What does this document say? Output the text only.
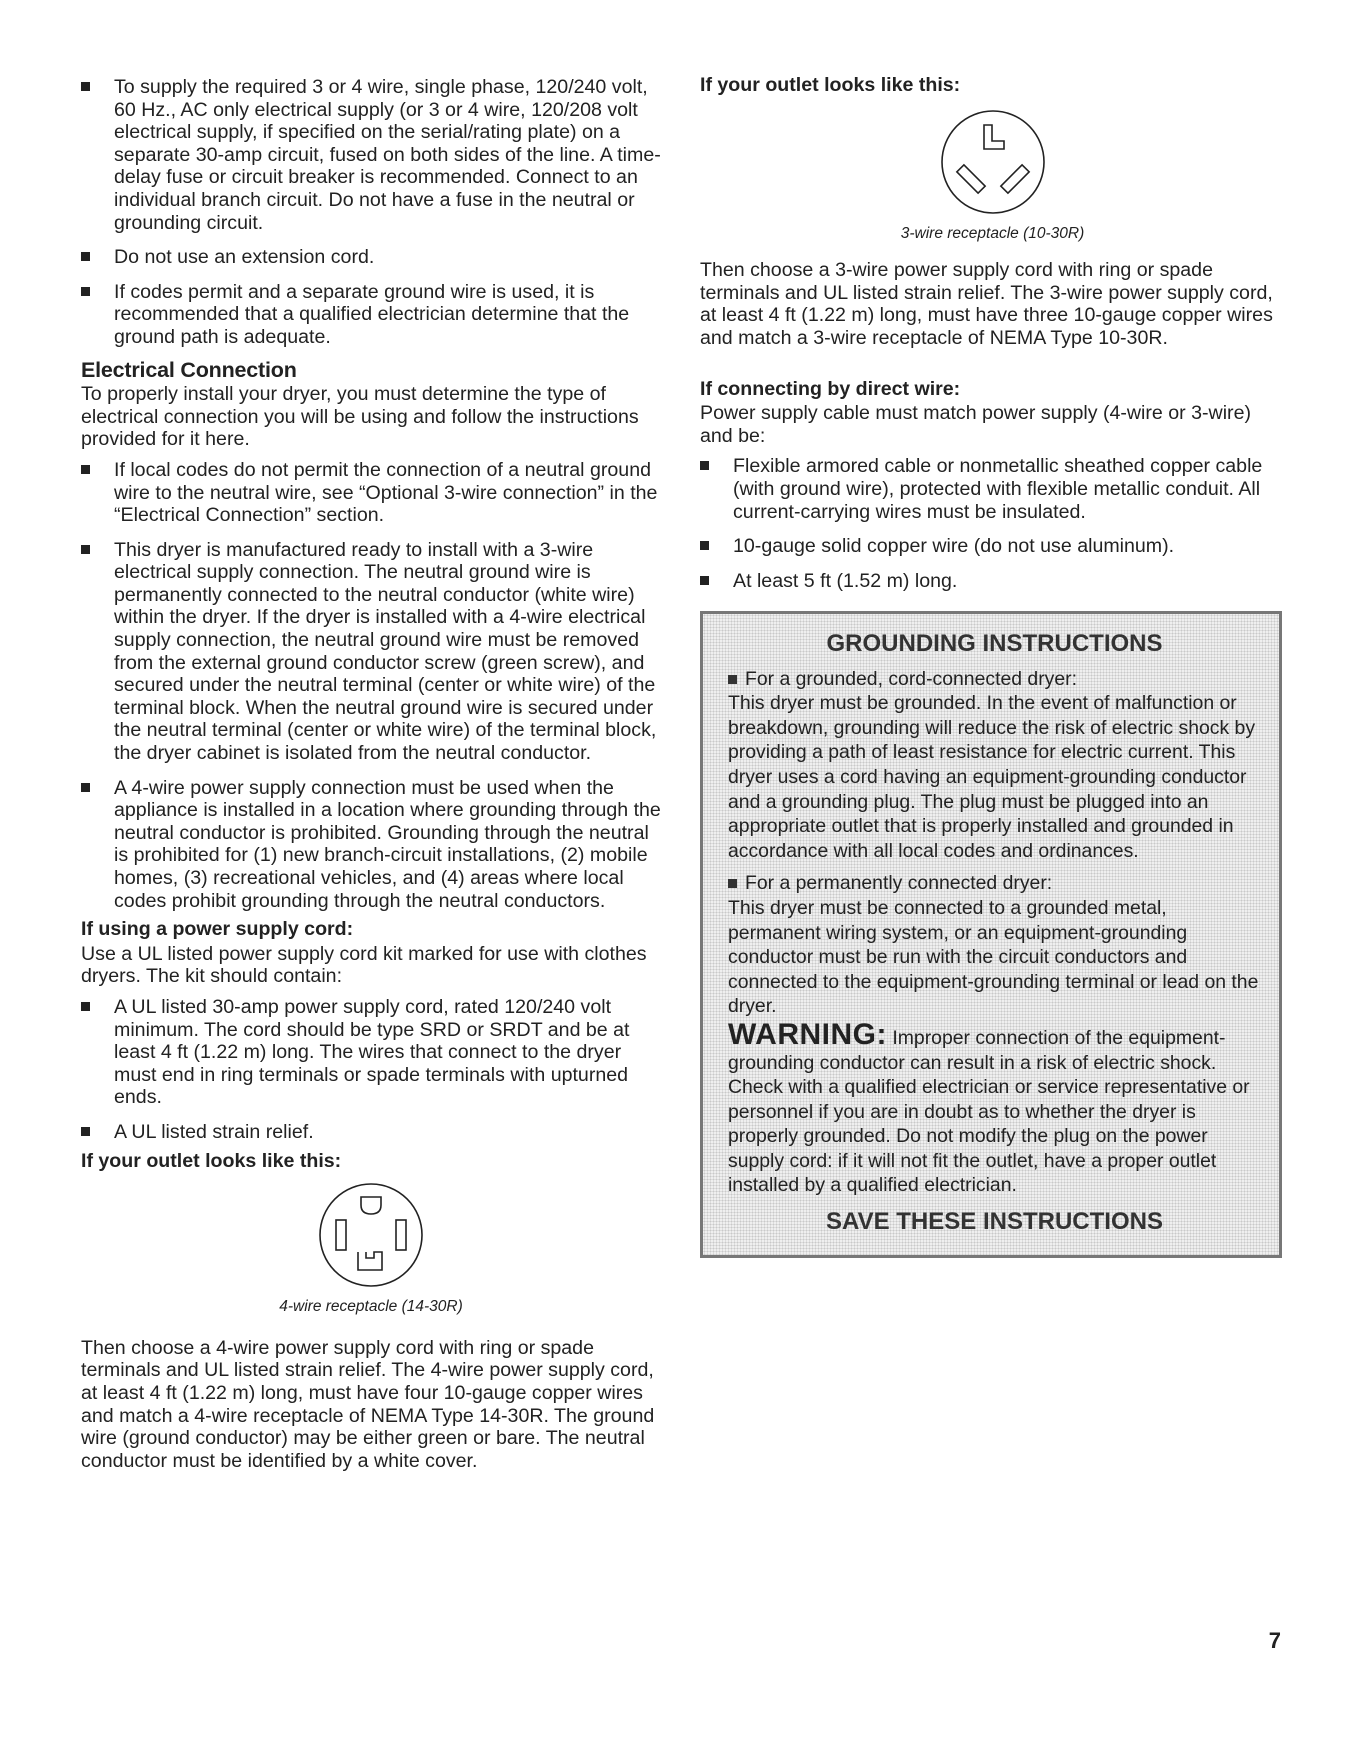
To supply the required 3 or 4 wire, single phase, 120/240 volt, 60 Hz., AC only electrical supply (or 3 or 4 wire, 120/208 volt electrical supply, if specified on the serial/rating plate) on a separate 30-amp circuit, fused on both sides of the line. A time-delay fuse or circuit breaker is recommended. Connect to an individual branch circuit. Do not have a fuse in the neutral or grounding circuit.
Do not use an extension cord.
If codes permit and a separate ground wire is used, it is recommended that a qualified electrician determine that the ground path is adequate.
Electrical Connection

To properly install your dryer, you must determine the type of electrical connection you will be using and follow the instructions provided for it here.

If local codes do not permit the connection of a neutral ground wire to the neutral wire, see “Optional 3-wire connection” in the “Electrical Connection” section.
This dryer is manufactured ready to install with a 3-wire electrical supply connection. The neutral ground wire is permanently connected to the neutral conductor (white wire) within the dryer. If the dryer is installed with a 4-wire electrical supply connection, the neutral ground wire must be removed from the external ground conductor screw (green screw), and secured under the neutral terminal (center or white wire) of the terminal block. When the neutral ground wire is secured under the neutral terminal (center or white wire) of the terminal block, the dryer cabinet is isolated from the neutral conductor.
A 4-wire power supply connection must be used when the appliance is installed in a location where grounding through the neutral conductor is prohibited. Grounding through the neutral is prohibited for (1) new branch-circuit installations, (2) mobile homes, (3) recreational vehicles, and (4) areas where local codes prohibit grounding through the neutral conductors.
If using a power supply cord:

Use a UL listed power supply cord kit marked for use with clothes dryers. The kit should contain:

A UL listed 30-amp power supply cord, rated 120/240 volt minimum. The cord should be type SRD or SRDT and be at least 4 ft (1.22 m) long. The wires that connect to the dryer must end in ring terminals or spade terminals with upturned ends.
A UL listed strain relief.
If your outlet looks like this:
4-wire receptacle (14-30R)

Then choose a 4-wire power supply cord with ring or spade terminals and UL listed strain relief. The 4-wire power supply cord, at least 4 ft (1.22 m) long, must have four 10-gauge copper wires and match a 4-wire receptacle of NEMA Type 14-30R. The ground wire (ground conductor) may be either green or bare. The neutral conductor must be identified by a white cover.

If your outlet looks like this:
3-wire receptacle (10-30R)

Then choose a 3-wire power supply cord with ring or spade terminals and UL listed strain relief. The 3-wire power supply cord, at least 4 ft (1.22 m) long, must have three 10-gauge copper wires and match a 3-wire receptacle of NEMA Type 10-30R.

If connecting by direct wire:

Power supply cable must match power supply (4-wire or 3-wire) and be:

Flexible armored cable or nonmetallic sheathed copper cable (with ground wire), protected with flexible metallic conduit. All current-carrying wires must be insulated.
10-gauge solid copper wire (do not use aluminum).
At least 5 ft (1.52 m) long.
GROUNDING INSTRUCTIONS

For a grounded, cord-connected dryer:

This dryer must be grounded. In the event of malfunction or breakdown, grounding will reduce the risk of electric shock by providing a path of least resistance for electric current. This dryer uses a cord having an equipment-grounding conductor and a grounding plug. The plug must be plugged into an appropriate outlet that is properly installed and grounded in accordance with all local codes and ordinances.

For a permanently connected dryer:

This dryer must be connected to a grounded metal, permanent wiring system, or an equipment-grounding conductor must be run with the circuit conductors and connected to the equipment-grounding terminal or lead on the dryer.

WARNING: Improper connection of the equipment-grounding conductor can result in a risk of electric shock. Check with a qualified electrician or service representative or personnel if you are in doubt as to whether the dryer is properly grounded. Do not modify the plug on the power supply cord: if it will not fit the outlet, have a proper outlet installed by a qualified electrician.

SAVE THESE INSTRUCTIONS
7
